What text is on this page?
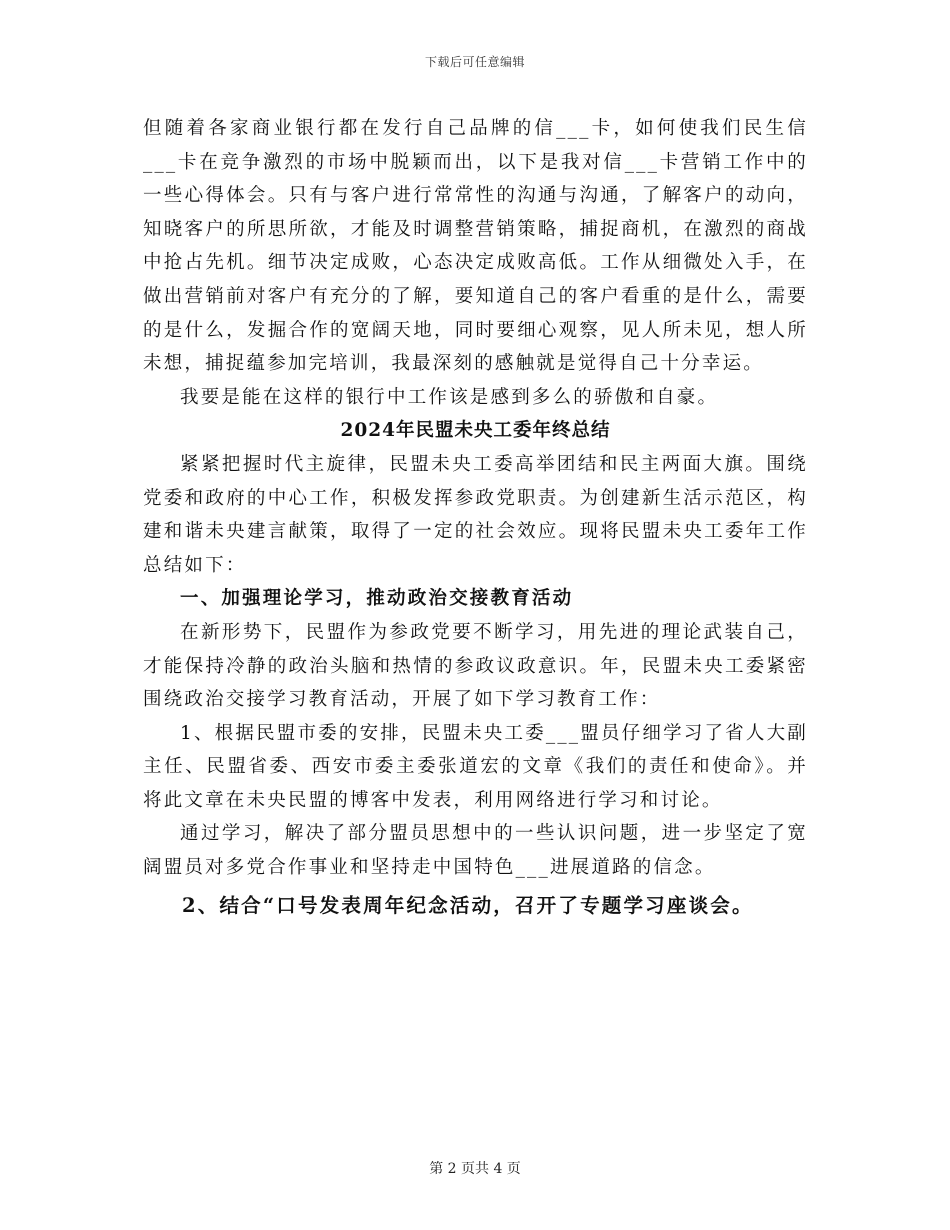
下载后可任意编辑

但随着各家商业银行都在发行自己品牌的信___卡，如何使我们民生信___卡在竞争激烈的市场中脱颖而出，以下是我对信___卡营销工作中的一些心得体会。只有与客户进行常常性的沟通与沟通，了解客户的动向，知晓客户的所思所欲，才能及时调整营销策略，捕捉商机，在激烈的商战中抢占先机。细节决定成败，心态决定成败高低。工作从细微处入手，在做出营销前对客户有充分的了解，要知道自己的客户看重的是什么，需要的是什么，发掘合作的宽阔天地，同时要细心观察，见人所未见，想人所未想，捕捉蕴参加完培训，我最深刻的感触就是觉得自己十分幸运。

我要是能在这样的银行中工作该是感到多么的骄傲和自豪。

2024年民盟未央工委年终总结

紧紧把握时代主旋律，民盟未央工委高举团结和民主两面大旗。围绕党委和政府的中心工作，积极发挥参政党职责。为创建新生活示范区，构建和谐未央建言献策，取得了一定的社会效应。现将民盟未央工委年工作总结如下：

一、加强理论学习，推动政治交接教育活动

在新形势下，民盟作为参政党要不断学习，用先进的理论武装自己，才能保持冷静的政治头脑和热情的参政议政意识。年，民盟未央工委紧密围绕政治交接学习教育活动，开展了如下学习教育工作：

1、根据民盟市委的安排，民盟未央工委___盟员仔细学习了省人大副主任、民盟省委、西安市委主委张道宏的文章《我们的责任和使命》。并将此文章在未央民盟的博客中发表，利用网络进行学习和讨论。

通过学习，解决了部分盟员思想中的一些认识问题，进一步坚定了宽阔盟员对多党合作事业和坚持走中国特色___进展道路的信念。

2、结合“口号发表周年纪念活动，召开了专题学习座谈会。

第 2 页共 4 页
